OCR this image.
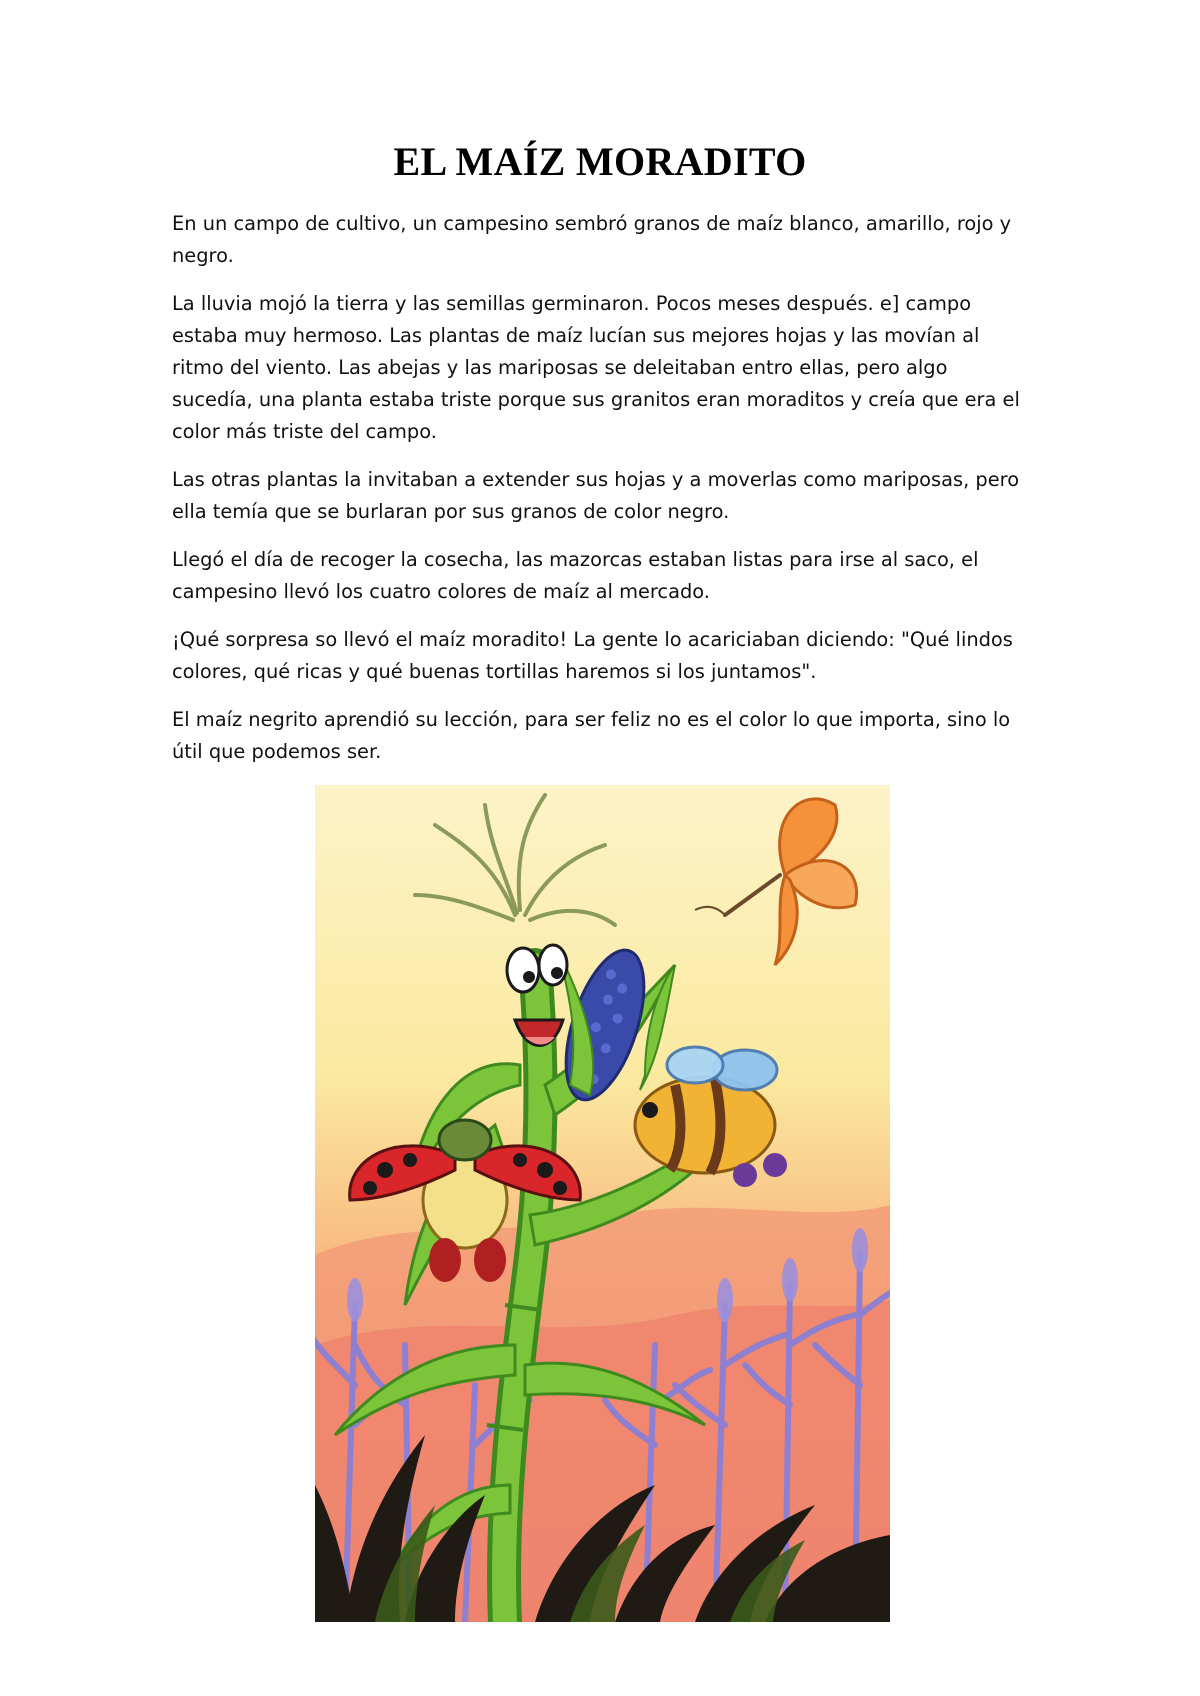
EL MAÍZ MORADITO

En un campo de cultivo, un campesino sembró granos de maíz blanco, amarillo, rojo y negro.

La lluvia mojó la tierra y las semillas germinaron. Pocos meses después. e] campo estaba muy hermoso. Las plantas de maíz lucían sus mejores hojas y las movían al ritmo del viento. Las abejas y las mariposas se deleitaban entro ellas, pero algo sucedía, una planta estaba triste porque sus granitos eran moraditos y creía que era el color más triste del campo.

Las otras plantas la invitaban a extender sus hojas y a moverlas como mariposas, pero ella temía que se burlaran por sus granos de color negro.

Llegó el día de recoger la cosecha, las mazorcas estaban listas para irse al saco, el campesino llevó los cuatro colores de maíz al mercado.

¡Qué sorpresa so llevó el maíz moradito! La gente lo acariciaban diciendo: "Qué lindos colores, qué ricas y qué buenas tortillas haremos si los juntamos".

El maíz negrito aprendió su lección, para ser feliz no es el color lo que importa, sino lo útil que podemos ser.
